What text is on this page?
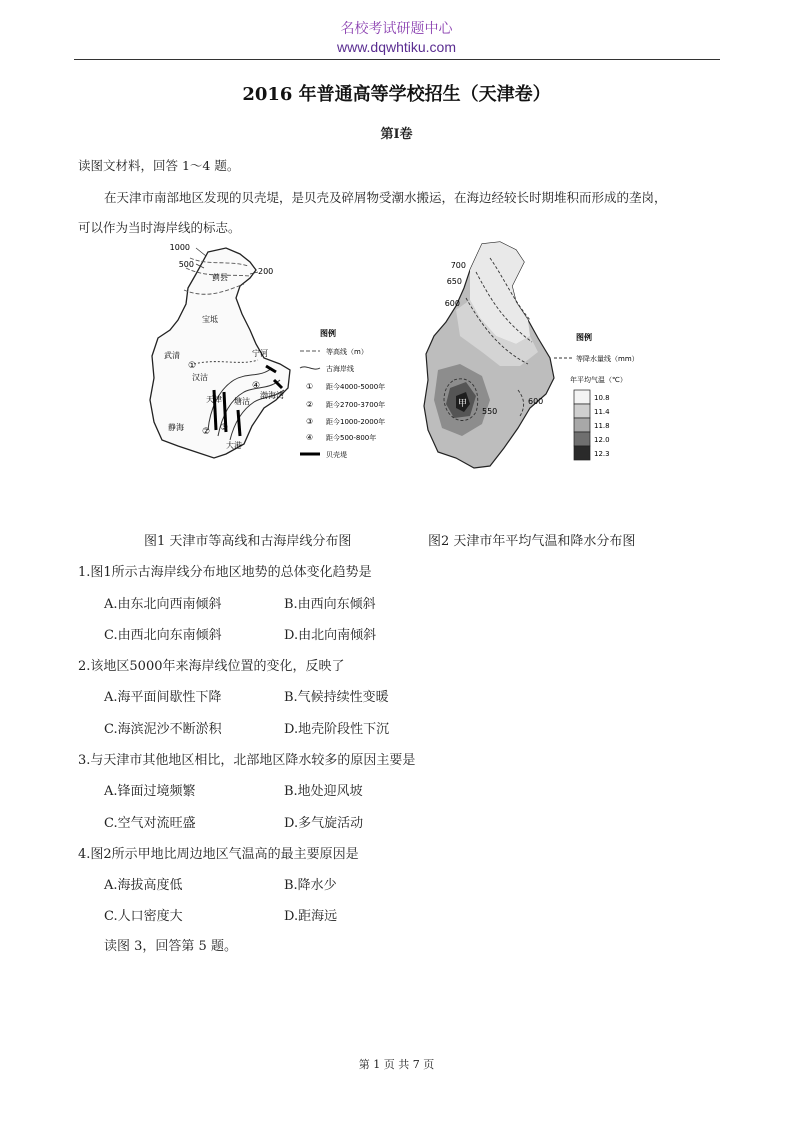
名校考试研题中心
www.dqwhtiku.com
2016 年普通高等学校招生（天津卷）
第Ⅰ卷
读图文材料，回答 1～4 题。
在天津市南部地区发现的贝壳堤，是贝壳及碎屑物受潮水搬运，在海边经较长时期堆积而形成的垄岗，
可以作为当时海岸线的标志。
1000
500
200
蓟县
宝坻
武清
天津
宁河
静海
大港
汉沽
塘沽
渤海湾
①
② ③
④
图例
等高线（m）
古海岸线
① 距今4000-5000年
② 距今2700-3700年
③ 距今1000-2000年
④ 距今500-800年
贝壳堤
700
650
600
600
550
甲
图例
等降水量线（mm）
年平均气温（℃）
10.8
11.4
11.8
12.0
12.3
图1 天津市等高线和古海岸线分布图	图2 天津市年平均气温和降水分布图
1.图1所示古海岸线分布地区地势的总体变化趋势是
A.由东北向西南倾斜	B.由西向东倾斜
C.由西北向东南倾斜	D.由北向南倾斜
2.该地区5000年来海岸线位置的变化，反映了
A.海平面间歇性下降	B.气候持续性变暖
C.海滨泥沙不断淤积	D.地壳阶段性下沉
3.与天津市其他地区相比，北部地区降水较多的原因主要是
A.锋面过境频繁	B.地处迎风坡
C.空气对流旺盛	D.多气旋活动
4.图2所示甲地比周边地区气温高的最主要原因是
A.海拔高度低	B.降水少
C.人口密度大	D.距海远
读图 3，回答第 5 题。
第 1 页 共 7 页
